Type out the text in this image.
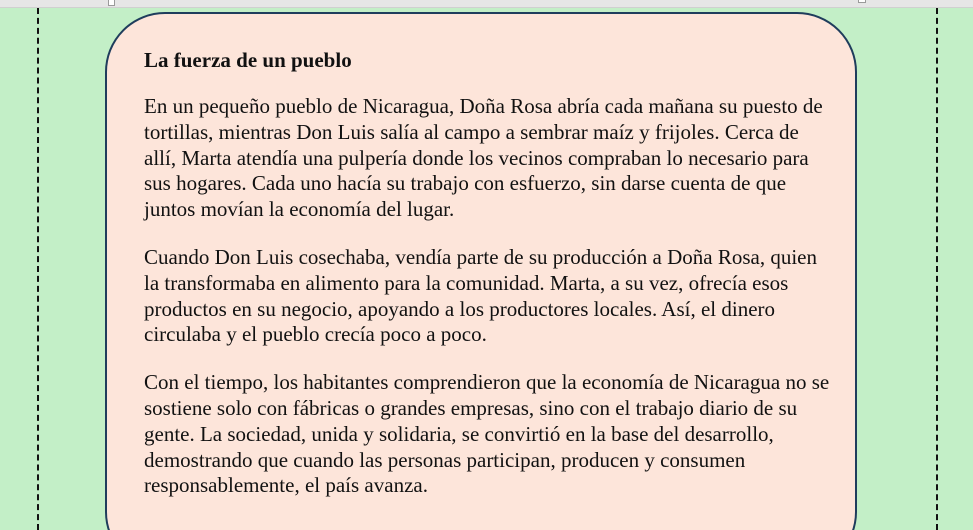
La fuerza de un pueblo

En un pequeño pueblo de Nicaragua, Doña Rosa abría cada mañana su puesto de tortillas, mientras Don Luis salía al campo a sembrar maíz y frijoles. Cerca de allí, Marta atendía una pulpería donde los vecinos compraban lo necesario para sus hogares. Cada uno hacía su trabajo con esfuerzo, sin darse cuenta de que juntos movían la economía del lugar.

Cuando Don Luis cosechaba, vendía parte de su producción a Doña Rosa, quien la transformaba en alimento para la comunidad. Marta, a su vez, ofrecía esos productos en su negocio, apoyando a los productores locales. Así, el dinero circulaba y el pueblo crecía poco a poco.

Con el tiempo, los habitantes comprendieron que la economía de Nicaragua no se sostiene solo con fábricas o grandes empresas, sino con el trabajo diario de su gente. La sociedad, unida y solidaria, se convirtió en la base del desarrollo, demostrando que cuando las personas participan, producen y consumen responsablemente, el país avanza.
